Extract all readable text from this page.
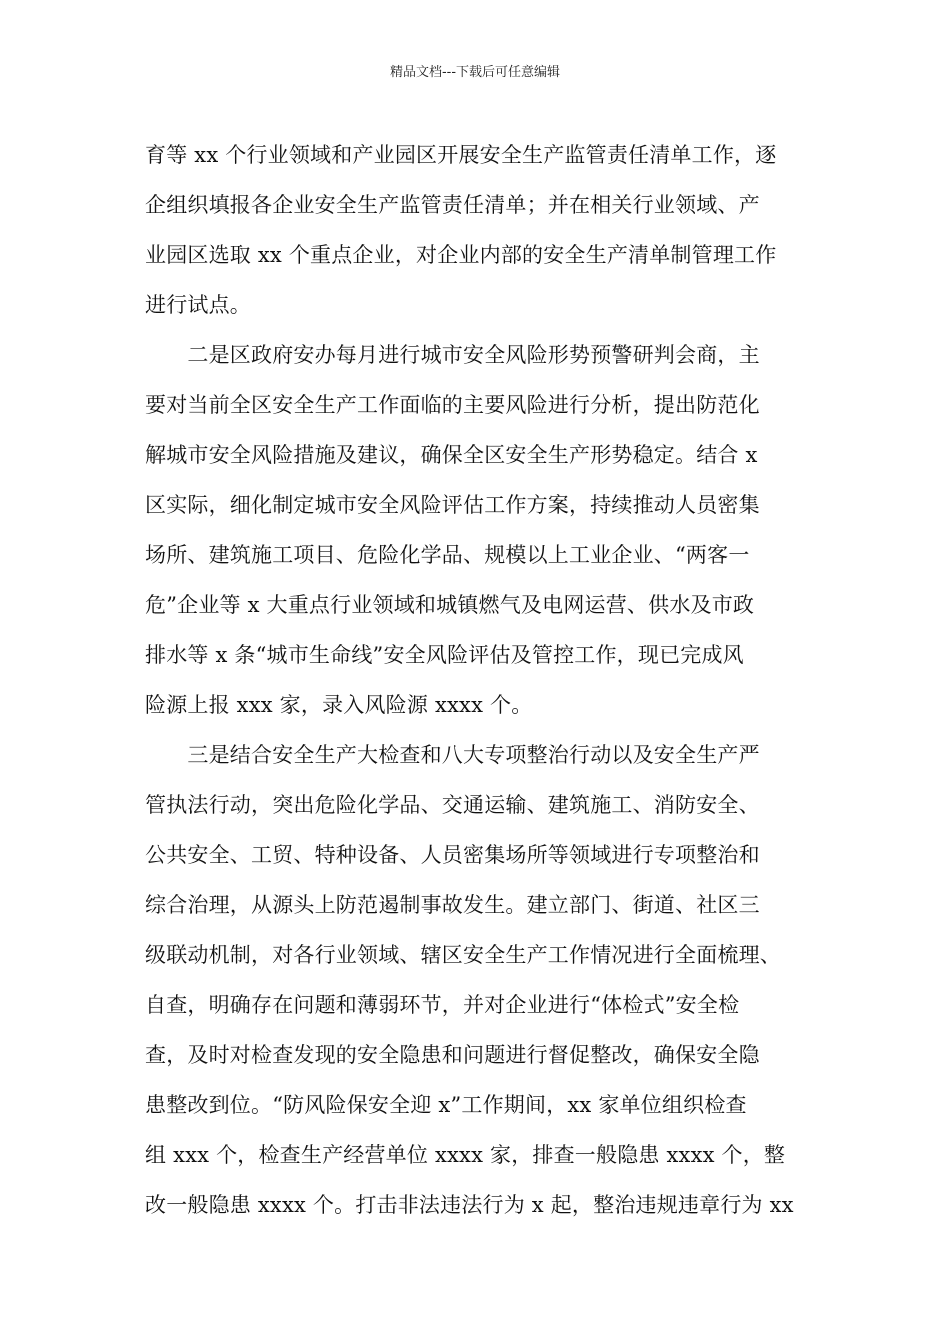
精品文档---下载后可任意编辑
育等 xx 个行业领域和产业园区开展安全生产监管责任清单工作，逐
企组织填报各企业安全生产监管责任清单；并在相关行业领域、产
业园区选取 xx 个重点企业，对企业内部的安全生产清单制管理工作
进行试点。
　　二是区政府安办每月进行城市安全风险形势预警研判会商，主
要对当前全区安全生产工作面临的主要风险进行分析，提出防范化
解城市安全风险措施及建议，确保全区安全生产形势稳定。结合 x
区实际，细化制定城市安全风险评估工作方案，持续推动人员密集
场所、建筑施工项目、危险化学品、规模以上工业企业、“两客一
危”企业等 x 大重点行业领域和城镇燃气及电网运营、供水及市政
排水等 x 条“城市生命线”安全风险评估及管控工作，现已完成风
险源上报 xxx 家，录入风险源 xxxx 个。
　　三是结合安全生产大检查和八大专项整治行动以及安全生产严
管执法行动，突出危险化学品、交通运输、建筑施工、消防安全、
公共安全、工贸、特种设备、人员密集场所等领域进行专项整治和
综合治理，从源头上防范遏制事故发生。建立部门、街道、社区三
级联动机制，对各行业领域、辖区安全生产工作情况进行全面梳理、
自查，明确存在问题和薄弱环节，并对企业进行“体检式”安全检
查，及时对检查发现的安全隐患和问题进行督促整改，确保安全隐
患整改到位。“防风险保安全迎 x”工作期间，xx 家单位组织检查
组 xxx 个，检查生产经营单位 xxxx 家，排查一般隐患 xxxx 个，整
改一般隐患 xxxx 个。打击非法违法行为 x 起，整治违规违章行为 xx
